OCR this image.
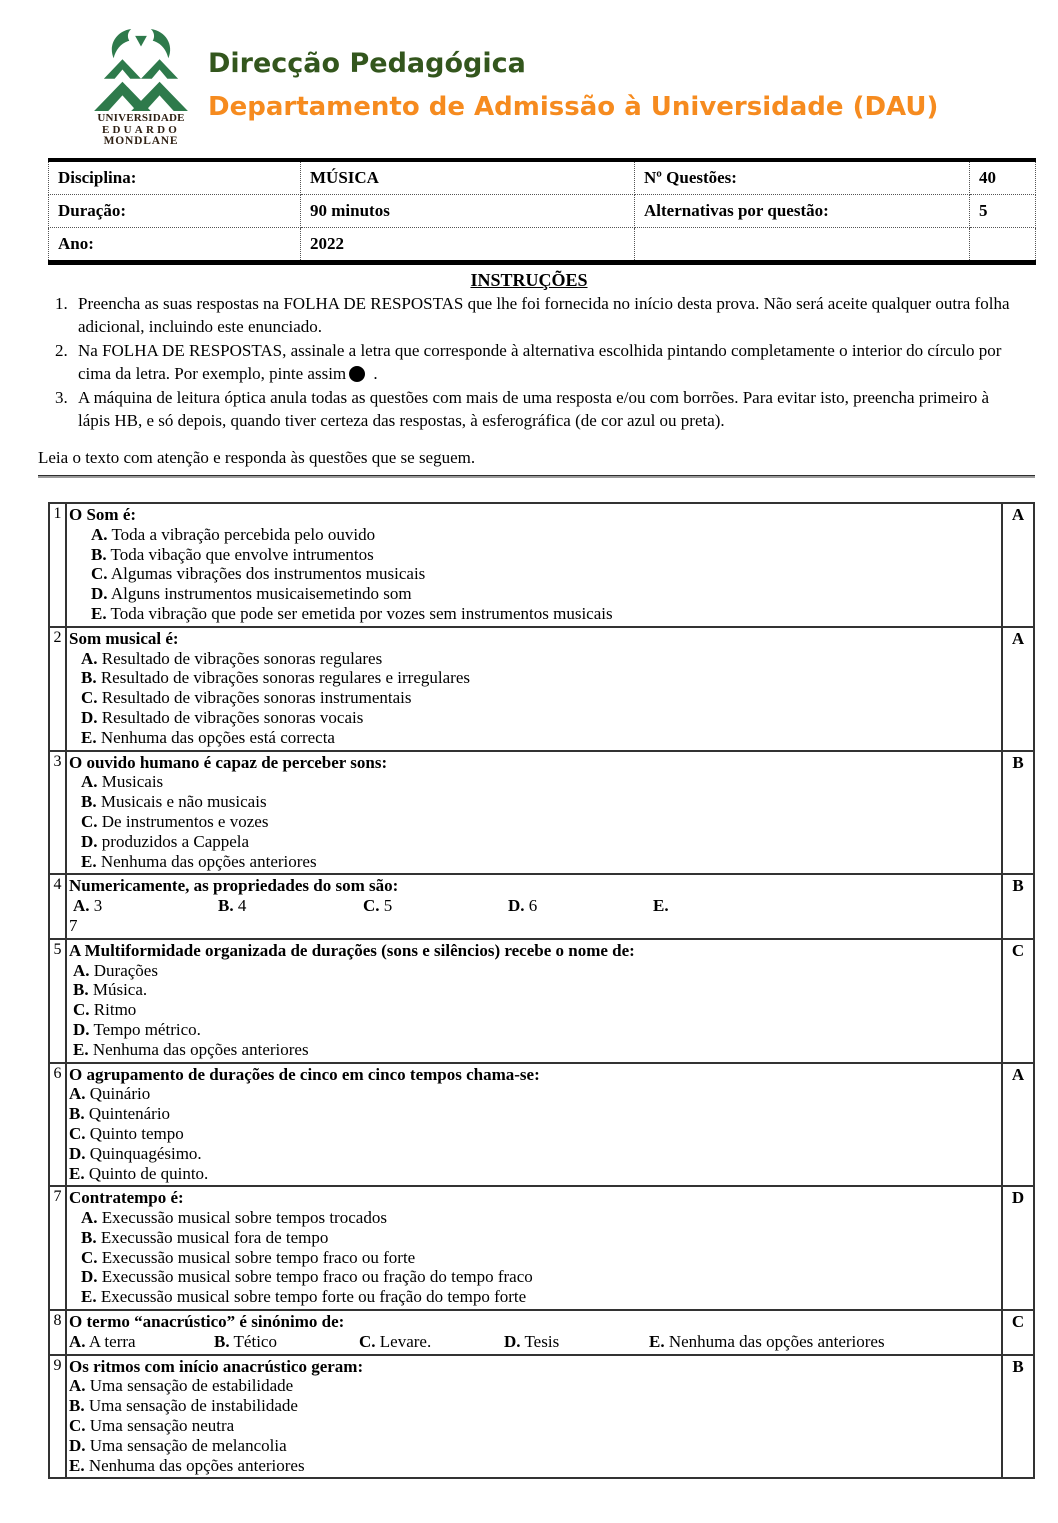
UNIVERSIDADE
EDUARDO
MONDLANE
Direcção Pedagógica
Departamento de Admissão à Universidade (DAU)
Disciplina:	MÚSICA	Nº Questões:	40
Duração:	90 minutos	Alternativas por questão:	5
Ano:	2022		
INSTRUÇÕES
1. Preencha as suas respostas na FOLHA DE RESPOSTAS que lhe foi fornecida no início desta prova. Não será aceite qualquer outra folha adicional, incluindo este enunciado.
2. Na FOLHA DE RESPOSTAS, assinale a letra que corresponde à alternativa escolhida pintando completamente o interior do círculo por cima da letra. Por exemplo, pinte assim .
3. A máquina de leitura óptica anula todas as questões com mais de uma resposta e/ou com borrões. Para evitar isto, preencha primeiro à lápis HB, e só depois, quando tiver certeza das respostas, à esferográfica (de cor azul ou preta).
Leia o texto com atenção e responda às questões que se seguem.
1	O Som é:
A. Toda a vibração percebida pelo ouvido
B. Toda vibação que envolve intrumentos
C. Algumas vibrações dos instrumentos musicais
D. Alguns instrumentos musicaisemetindo som
E. Toda vibração que pode ser emetida por vozes sem instrumentos musicais
	A
2	Som musical é:
A. Resultado de vibrações sonoras regulares
B. Resultado de vibrações sonoras regulares e irregulares
C. Resultado de vibrações sonoras instrumentais
D. Resultado de vibrações sonoras vocais
E. Nenhuma das opções está correcta
	A
3	O ouvido humano é capaz de perceber sons:
A. Musicais
B. Musicais e não musicais
C. De instrumentos e vozes
D. produzidos a Cappela
E. Nenhuma das opções anteriores
	B
4	Numericamente, as propriedades do som são:
A. 3 B. 4 C. 5 D. 6 E.
7	B
5	A Multiformidade organizada de durações (sons e silêncios) recebe o nome de:
A. Durações
B. Música.
C. Ritmo
D. Tempo métrico.
E. Nenhuma das opções anteriores
	C
6	O agrupamento de durações de cinco em cinco tempos chama-se:
A. Quinário
B. Quintenário
C. Quinto tempo
D. Quinquagésimo.
E. Quinto de quinto.
	A
7	Contratempo é:
A. Execussão musical sobre tempos trocados
B. Execussão musical fora de tempo
C. Execussão musical sobre tempo fraco ou forte
D. Execussão musical sobre tempo fraco ou fração do tempo fraco
E. Execussão musical sobre tempo forte ou fração do tempo forte
	D
8	O termo “anacrústico” é sinónimo de:
A. A terra B. Tético C. Levare. D. Tesis E. Nenhuma das opções anteriores	C
9	Os ritmos com início anacrústico geram:
A. Uma sensação de estabilidade
B. Uma sensação de instabilidade
C. Uma sensação neutra
D. Uma sensação de melancolia
E. Nenhuma das opções anteriores
	B
